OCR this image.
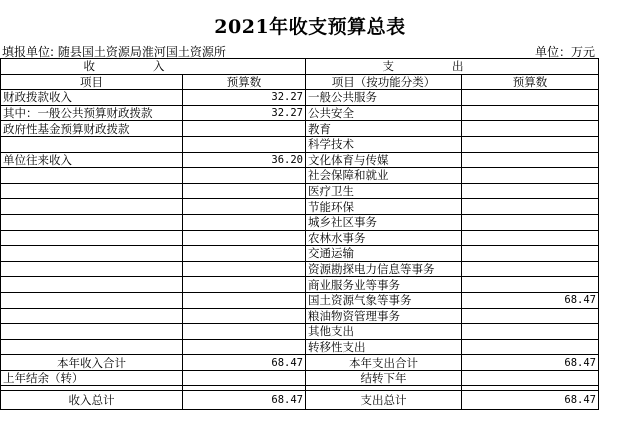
2021年收支预算总表
填报单位: 随县国土资源局淮河国土资源所	单位：万元
收入		支出	
项目	预算数	项目（按功能分类）	预算数
财政拨款收入	32.27	一般公共服务	
其中：一般公共预算财政拨款	32.27	公共安全	
政府性基金预算财政拨款		教育	
		科学技术	
单位往来收入	36.20	文化体育与传媒	
		社会保障和就业	
		医疗卫生	
		节能环保	
		城乡社区事务	
		农林水事务	
		交通运输	
		资源勘探电力信息等事务	
		商业服务业等事务	
		国土资源气象等事务	68.47
		粮油物资管理事务	
		其他支出	
		转移性支出	
本年收入合计	68.47	本年支出合计	68.47
上年结余（转）		结转下年	

收入总计	68.47	支出总计	68.47
